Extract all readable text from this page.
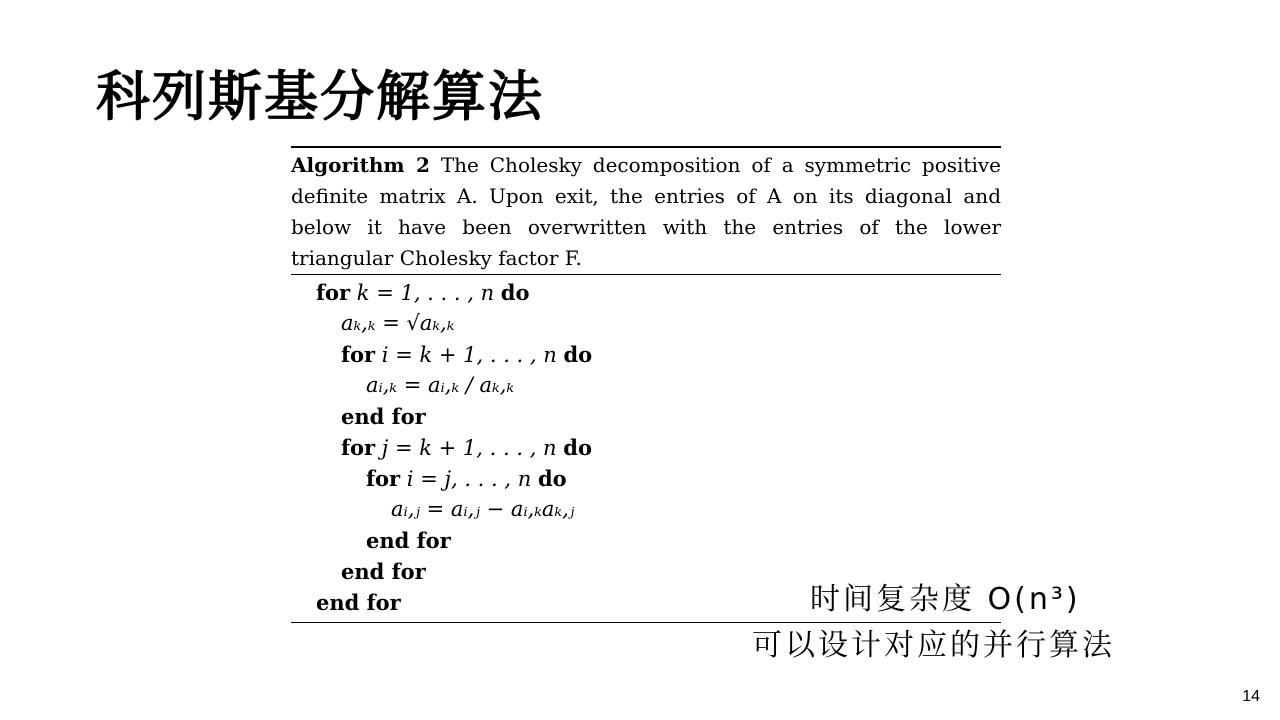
科列斯基分解算法
Algorithm 2 The Cholesky decomposition of a symmetric positive definite matrix A. Upon exit, the entries of A on its diagonal and below it have been overwritten with the entries of the lower triangular Cholesky factor F.
for k = 1, . . . , n do
aₖ,ₖ = √aₖ,ₖ
for i = k + 1, . . . , n do
aᵢ,ₖ = aᵢ,ₖ / aₖ,ₖ
end for
for j = k + 1, . . . , n do
for i = j, . . . , n do
aᵢ,ⱼ = aᵢ,ⱼ − aᵢ,ₖaₖ,ⱼ
end for
end for
end for	时间复杂度 O(n³)
可以设计对应的并行算法
14
